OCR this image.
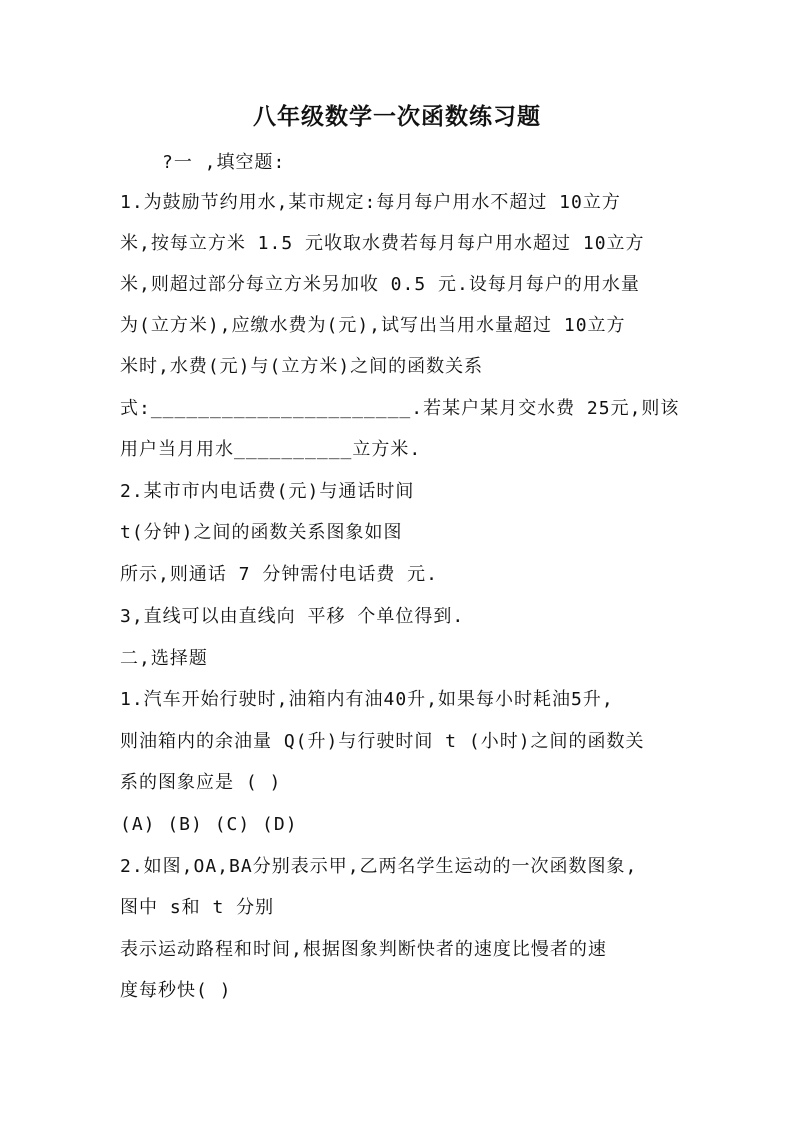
八年级数学一次函数练习题
?一 ,填空题:
1.为鼓励节约用水,某市规定:每月每户用水不超过 10立方
米,按每立方米 1.5 元收取水费若每月每户用水超过 10立方
米,则超过部分每立方米另加收 0.5 元.设每月每户的用水量
为(立方米),应缴水费为(元),试写出当用水量超过 10立方
米时,水费(元)与(立方米)之间的函数关系
式:______________________.若某户某月交水费 25元,则该
用户当月用水__________立方米.
2.某市市内电话费(元)与通话时间
t(分钟)之间的函数关系图象如图
所示,则通话 7 分钟需付电话费 元.
3,直线可以由直线向 平移 个单位得到.
二,选择题
1.汽车开始行驶时,油箱内有油40升,如果每小时耗油5升,
则油箱内的余油量 Q(升)与行驶时间 t (小时)之间的函数关
系的图象应是 ( )
(A) (B) (C) (D)
2.如图,OA,BA分别表示甲,乙两名学生运动的一次函数图象,
图中 s和 t 分别
表示运动路程和时间,根据图象判断快者的速度比慢者的速
度每秒快( )
